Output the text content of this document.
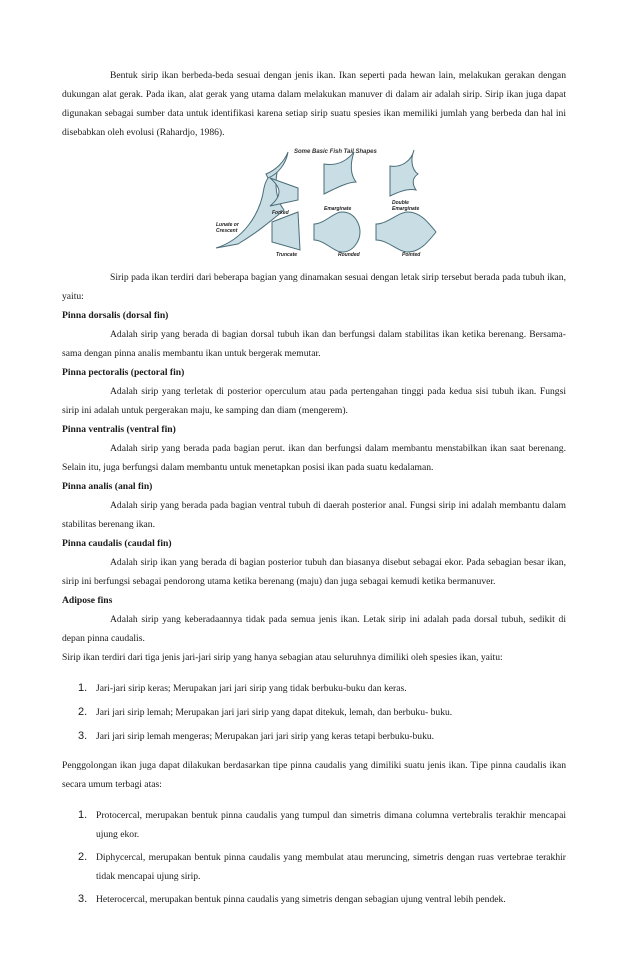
Bentuk sirip ikan berbeda-beda sesuai dengan jenis ikan. Ikan seperti pada hewan lain, melakukan gerakan dengan dukungan alat gerak. Pada ikan, alat gerak yang utama dalam melakukan manuver di dalam air adalah sirip. Sirip ikan juga dapat digunakan sebagai sumber data untuk identifikasi karena setiap sirip suatu spesies ikan memiliki jumlah yang berbeda dan hal ini disebabkan oleh evolusi (Rahardjo, 1986).

Some Basic Fish Tail Shapes
Forked
Emarginate
Double Emarginate
Lunate or Crescent
Truncate	Rounded	Pointed

Sirip pada ikan terdiri dari beberapa bagian yang dinamakan sesuai dengan letak sirip tersebut berada pada tubuh ikan, yaitu:

Pinna dorsalis (dorsal fin)

Adalah sirip yang berada di bagian dorsal tubuh ikan dan berfungsi dalam stabilitas ikan ketika berenang. Bersama-sama dengan pinna analis membantu ikan untuk bergerak memutar.

Pinna pectoralis (pectoral fin)

Adalah sirip yang terletak di posterior operculum atau pada pertengahan tinggi pada kedua sisi tubuh ikan. Fungsi sirip ini adalah untuk pergerakan maju, ke samping dan diam (mengerem).

Pinna ventralis (ventral fin)

Adalah sirip yang berada pada bagian perut. ikan dan berfungsi dalam membantu menstabilkan ikan saat berenang. Selain itu, juga berfungsi dalam membantu untuk menetapkan posisi ikan pada suatu kedalaman.

Pinna analis (anal fin)

Adalah sirip yang berada pada bagian ventral tubuh di daerah posterior anal. Fungsi sirip ini adalah membantu dalam stabilitas berenang ikan.

Pinna caudalis (caudal fin)

Adalah sirip ikan yang berada di bagian posterior tubuh dan biasanya disebut sebagai ekor. Pada sebagian besar ikan, sirip ini berfungsi sebagai pendorong utama ketika berenang (maju) dan juga sebagai kemudi ketika bermanuver.

Adipose fins

Adalah sirip yang keberadaannya tidak pada semua jenis ikan. Letak sirip ini adalah pada dorsal tubuh, sedikit di depan pinna caudalis.

Sirip ikan terdiri dari tiga jenis jari-jari sirip yang hanya sebagian atau seluruhnya dimiliki oleh spesies ikan, yaitu:

1. Jari-jari sirip keras; Merupakan jari jari sirip yang tidak berbuku-buku dan keras.
2. Jari jari sirip lemah; Merupakan jari jari sirip yang dapat ditekuk, lemah, dan berbuku- buku.
3. Jari jari sirip lemah mengeras; Merupakan jari jari sirip yang keras tetapi berbuku-buku.

Penggolongan ikan juga dapat dilakukan berdasarkan tipe pinna caudalis yang dimiliki suatu jenis ikan. Tipe pinna caudalis ikan secara umum terbagi atas:

1. Protocercal, merupakan bentuk pinna caudalis yang tumpul dan simetris dimana columna vertebralis terakhir mencapai ujung ekor.
2. Diphycercal, merupakan bentuk pinna caudalis yang membulat atau meruncing, simetris dengan ruas vertebrae terakhir tidak mencapai ujung sirip.
3. Heterocercal, merupakan bentuk pinna caudalis yang simetris dengan sebagian ujung ventral lebih pendek.
